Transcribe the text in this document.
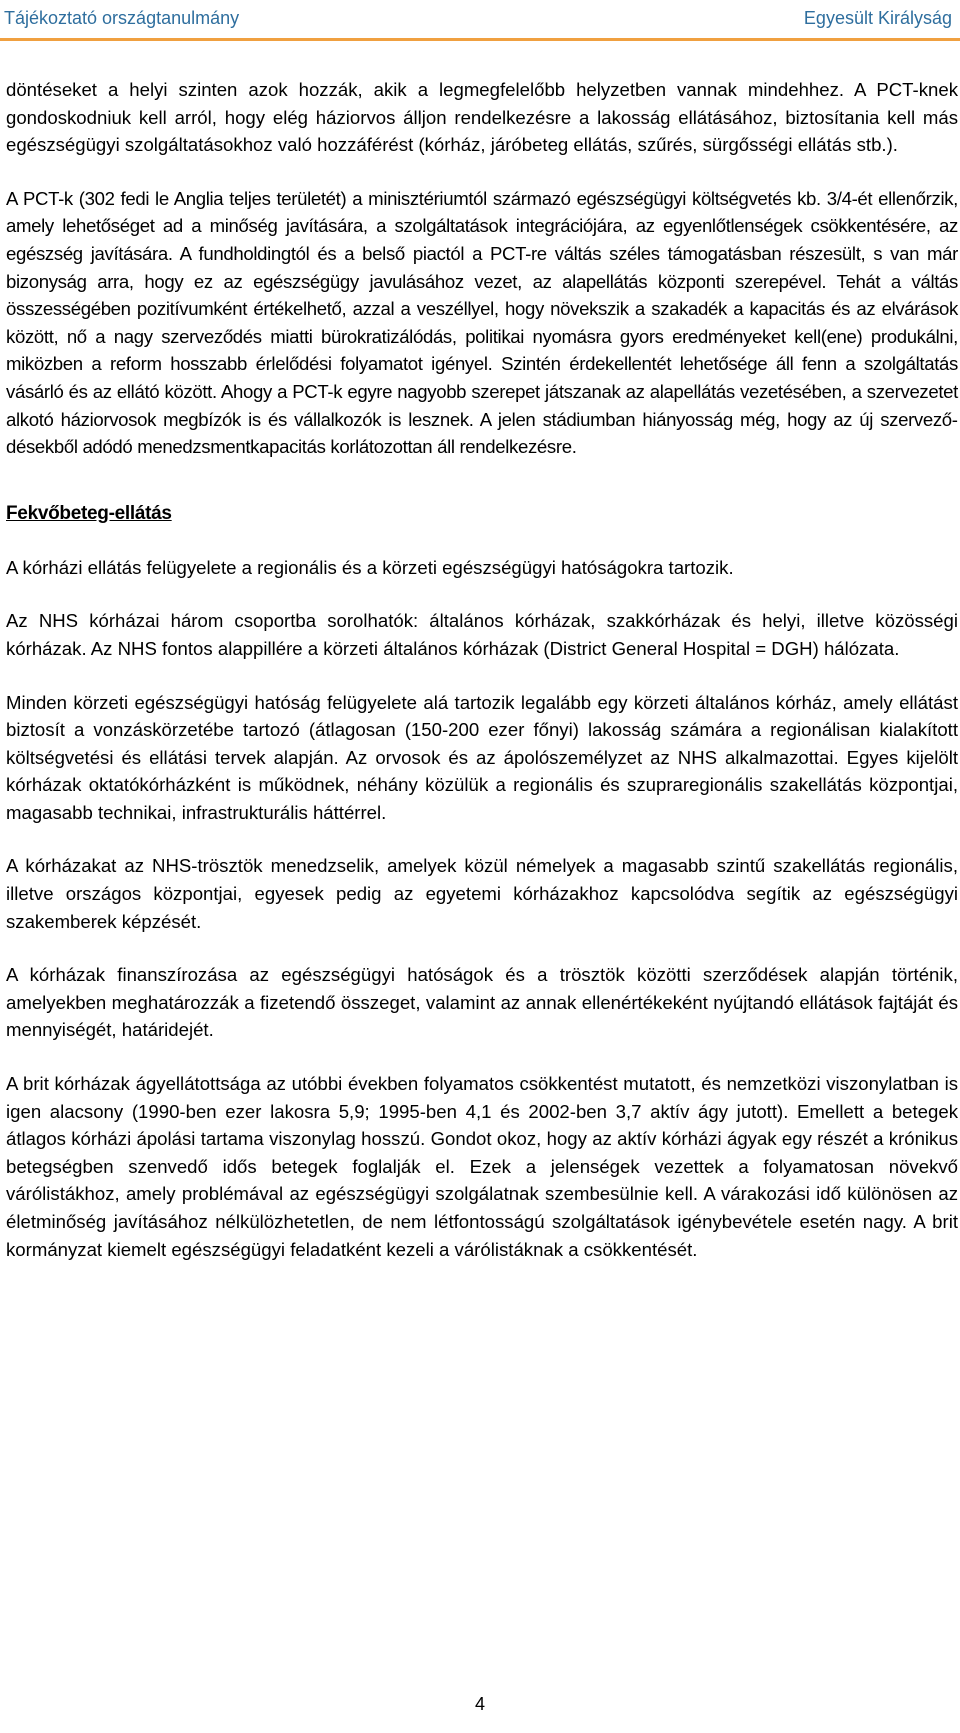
Tájékoztató országtanulmány	Egyesült Királyság

döntéseket a helyi szinten azok hozzák, akik a legmegfelelőbb helyzetben vannak mindehhez. A PCT-knek gondoskodniuk kell arról, hogy elég háziorvos álljon rendelkezésre a lakosság ellátásához, biztosítania kell más egészségügyi szolgáltatásokhoz való hozzáférést (kórház, járóbeteg ellátás, szűrés, sürgősségi ellátás stb.).

A PCT-k (302 fedi le Anglia teljes területét) a minisztériumtól származó egészségügyi költségvetés kb. 3/4-ét ellenőrzik, amely lehetőséget ad a minőség javítására, a szolgáltatások integrációjára, az egyenlőtlenségek csökkentésére, az egészség javítására. A fundholdingtól és a belső piactól a PCT-re váltás széles támogatásban részesült, s van már bizonyság arra, hogy ez az egészségügy javulásához vezet, az alapellátás központi szerepével. Tehát a váltás összességében pozitívumként értékelhető, azzal a veszéllyel, hogy növekszik a szakadék a kapacitás és az elvárások között, nő a nagy szerveződés miatti bürokratizálódás, politikai nyomásra gyors eredményeket kell(ene) produkálni, miközben a reform hosszabb érlelődési folyamatot igényel. Szintén érdekellentét lehetősége áll fenn a szolgáltatás vásárló és az ellátó között. Ahogy a PCT-k egyre nagyobb szerepet játszanak az alapellátás vezetésében, a szervezetet alkotó háziorvosok megbízók is és vállalkozók is lesznek. A jelen stádiumban hiányosság még, hogy az új szerveződésekből adódó menedzsmentkapacitás korlátozottan áll rendelkezésre.

Fekvőbeteg-ellátás

A kórházi ellátás felügyelete a regionális és a körzeti egészségügyi hatóságokra tartozik.

Az NHS kórházai három csoportba sorolhatók: általános kórházak, szakkórházak és helyi, illetve közösségi kórházak. Az NHS fontos alappillére a körzeti általános kórházak (District General Hospital = DGH) hálózata.

Minden körzeti egészségügyi hatóság felügyelete alá tartozik legalább egy körzeti általános kórház, amely ellátást biztosít a vonzáskörzetébe tartozó (átlagosan (150-200 ezer főnyi) lakosság számára a regionálisan kialakított költségvetési és ellátási tervek alapján. Az orvosok és az ápolószemélyzet az NHS alkalmazottai. Egyes kijelölt kórházak oktatókórházként is működnek, néhány közülük a regionális és szupraregionális szakellátás központjai, magasabb technikai, infrastrukturális háttérrel.

A kórházakat az NHS-trösztök menedzselik, amelyek közül némelyek a magasabb szintű szakellátás regionális, illetve országos központjai, egyesek pedig az egyetemi kórházakhoz kapcsolódva segítik az egészségügyi szakemberek képzését.

A kórházak finanszírozása az egészségügyi hatóságok és a trösztök közötti szerződések alapján történik, amelyekben meghatározzák a fizetendő összeget, valamint az annak ellenértékeként nyújtandó ellátások fajtáját és mennyiségét, határidejét.

A brit kórházak ágyellátottsága az utóbbi években folyamatos csökkentést mutatott, és nemzetközi viszonylatban is igen alacsony (1990-ben ezer lakosra 5,9; 1995-ben 4,1 és 2002-ben 3,7 aktív ágy jutott). Emellett a betegek átlagos kórházi ápolási tartama viszonylag hosszú. Gondot okoz, hogy az aktív kórházi ágyak egy részét a krónikus betegségben szenvedő idős betegek foglalják el. Ezek a jelenségek vezettek a folyamatosan növekvő várólistákhoz, amely problémával az egészségügyi szolgálatnak szembesülnie kell. A várakozási idő különösen az életminőség javításához nélkülözhetetlen, de nem létfontosságú szolgáltatások igénybevétele esetén nagy. A brit kormányzat kiemelt egészségügyi feladatként kezeli a várólistáknak a csökkentését.

4
